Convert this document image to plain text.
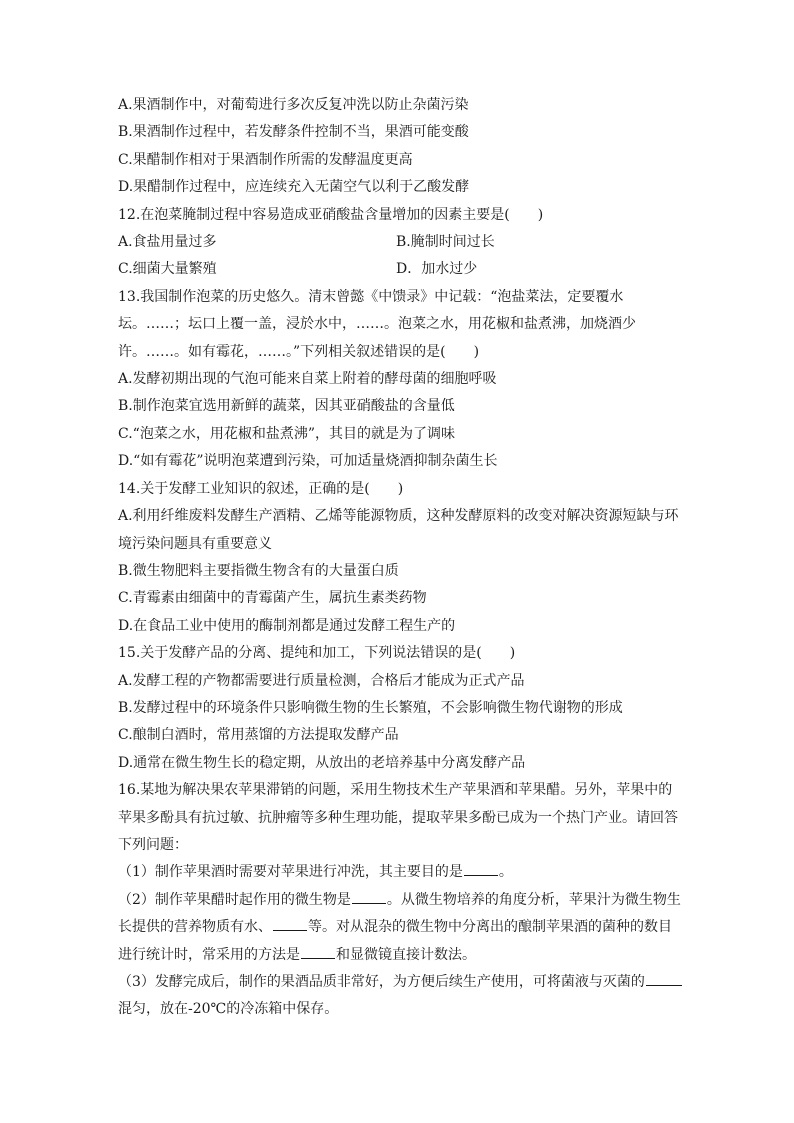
A.果酒制作中，对葡萄进行多次反复冲洗以防止杂菌污染
B.果酒制作过程中，若发酵条件控制不当，果酒可能变酸
C.果醋制作相对于果酒制作所需的发酵温度更高
D.果醋制作过程中，应连续充入无菌空气以利于乙酸发酵
12.在泡菜腌制过程中容易造成亚硝酸盐含量增加的因素主要是(　　)
A.食盐用量过多	B.腌制时间过长
C.细菌大量繁殖	D．加水过少
13.我国制作泡菜的历史悠久。清末曾懿《中馈录》中记载：“泡盐菜法，定要覆水
坛。……；坛口上覆一盖，浸於水中，……。泡菜之水，用花椒和盐煮沸，加烧酒少
许。……。如有霉花，……。”下列相关叙述错误的是(　　)
A.发酵初期出现的气泡可能来自菜上附着的酵母菌的细胞呼吸
B.制作泡菜宜选用新鲜的蔬菜，因其亚硝酸盐的含量低
C.“泡菜之水，用花椒和盐煮沸”，其目的就是为了调味
D.“如有霉花”说明泡菜遭到污染，可加适量烧酒抑制杂菌生长
14.关于发酵工业知识的叙述，正确的是(　　)
A.利用纤维废料发酵生产酒精、乙烯等能源物质，这种发酵原料的改变对解决资源短缺与环
境污染问题具有重要意义
B.微生物肥料主要指微生物含有的大量蛋白质
C.青霉素由细菌中的青霉菌产生，属抗生素类药物
D.在食品工业中使用的酶制剂都是通过发酵工程生产的
15.关于发酵产品的分离、提纯和加工，下列说法错误的是(　　)
A.发酵工程的产物都需要进行质量检测，合格后才能成为正式产品
B.发酵过程中的环境条件只影响微生物的生长繁殖，不会影响微生物代谢物的形成
C.酿制白酒时，常用蒸馏的方法提取发酵产品
D.通常在微生物生长的稳定期，从放出的老培养基中分离发酵产品
16.某地为解决果农苹果滞销的问题，采用生物技术生产苹果酒和苹果醋。另外，苹果中的
苹果多酚具有抗过敏、抗肿瘤等多种生理功能，提取苹果多酚已成为一个热门产业。请回答
下列问题：
（1）制作苹果酒时需要对苹果进行冲洗，其主要目的是	。
（2）制作苹果醋时起作用的微生物是	。从微生物培养的角度分析，苹果汁为微生物生
长提供的营养物质有水、	等。对从混杂的微生物中分离出的酿制苹果酒的菌种的数目
进行统计时，常采用的方法是	和显微镜直接计数法。
（3）发酵完成后，制作的果酒品质非常好，为方便后续生产使用，可将菌液与灭菌的
混匀，放在-20℃的冷冻箱中保存。
